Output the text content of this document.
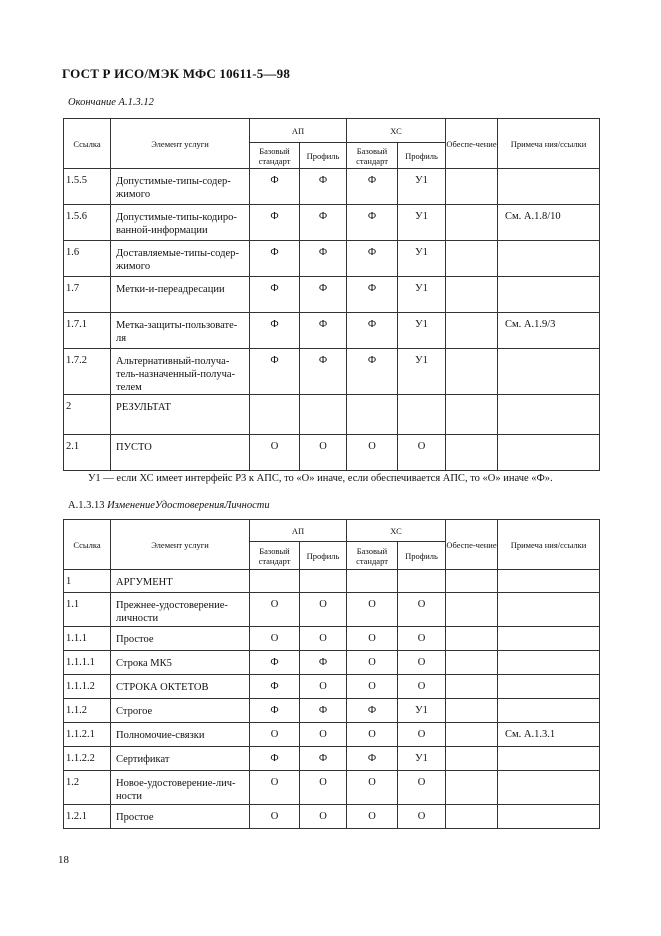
ГОСТ Р ИСО/МЭК МФС 10611-5—98
Окончание А.1.3.12
Ссылка	Элемент услуги	АП		ХС		Обеспе-чение	Примеча ния/ссылки
		Базовый стандарт	Профиль	Базовый стандарт	Профиль		
1.5.5	Допустимые-типы-содер-жимого	Ф	Ф	Ф	У1		
1.5.6	Допустимые-типы-кодиро-ванной-информации	Ф	Ф	Ф	У1		См. А.1.8/10
1.6	Доставляемые-типы-содер-жимого	Ф	Ф	Ф	У1		
1.7	Метки-и-переадресации	Ф	Ф	Ф	У1		
1.7.1	Метка-защиты-пользовате-ля	Ф	Ф	Ф	У1		См. А.1.9/3
1.7.2	Альтернативный-получа-тель-назначенный-получа-телем	Ф	Ф	Ф	У1		
2	РЕЗУЛЬТАТ						
2.1	ПУСТО	О	О	О	О		
У1 — если ХС имеет интерфейс Р3 к АПС, то «О» иначе, если обеспечивается АПС, то «О» иначе «Ф».
А.1.3.13 ИзменениеУдостоверенияЛичности
Ссылка	Элемент услуги	АП		ХС		Обеспе-чение	Примеча ния/ссылки
		Базовый стандарт	Профиль	Базовый стандарт	Профиль		
1	АРГУМЕНТ						
1.1	Прежнее-удостоверение-личности	О	О	О	О		
1.1.1	Простое	О	О	О	О		
1.1.1.1	Строка МК5	Ф	Ф	О	О		
1.1.1.2	СТРОКА ОКТЕТОВ	Ф	О	О	О		
1.1.2	Строгое	Ф	Ф	Ф	У1		
1.1.2.1	Полномочие-связки	О	О	О	О		См. А.1.3.1
1.1.2.2	Сертификат	Ф	Ф	Ф	У1		
1.2	Новое-удостоверение-лич-ности	О	О	О	О		
1.2.1	Простое	О	О	О	О		
18
